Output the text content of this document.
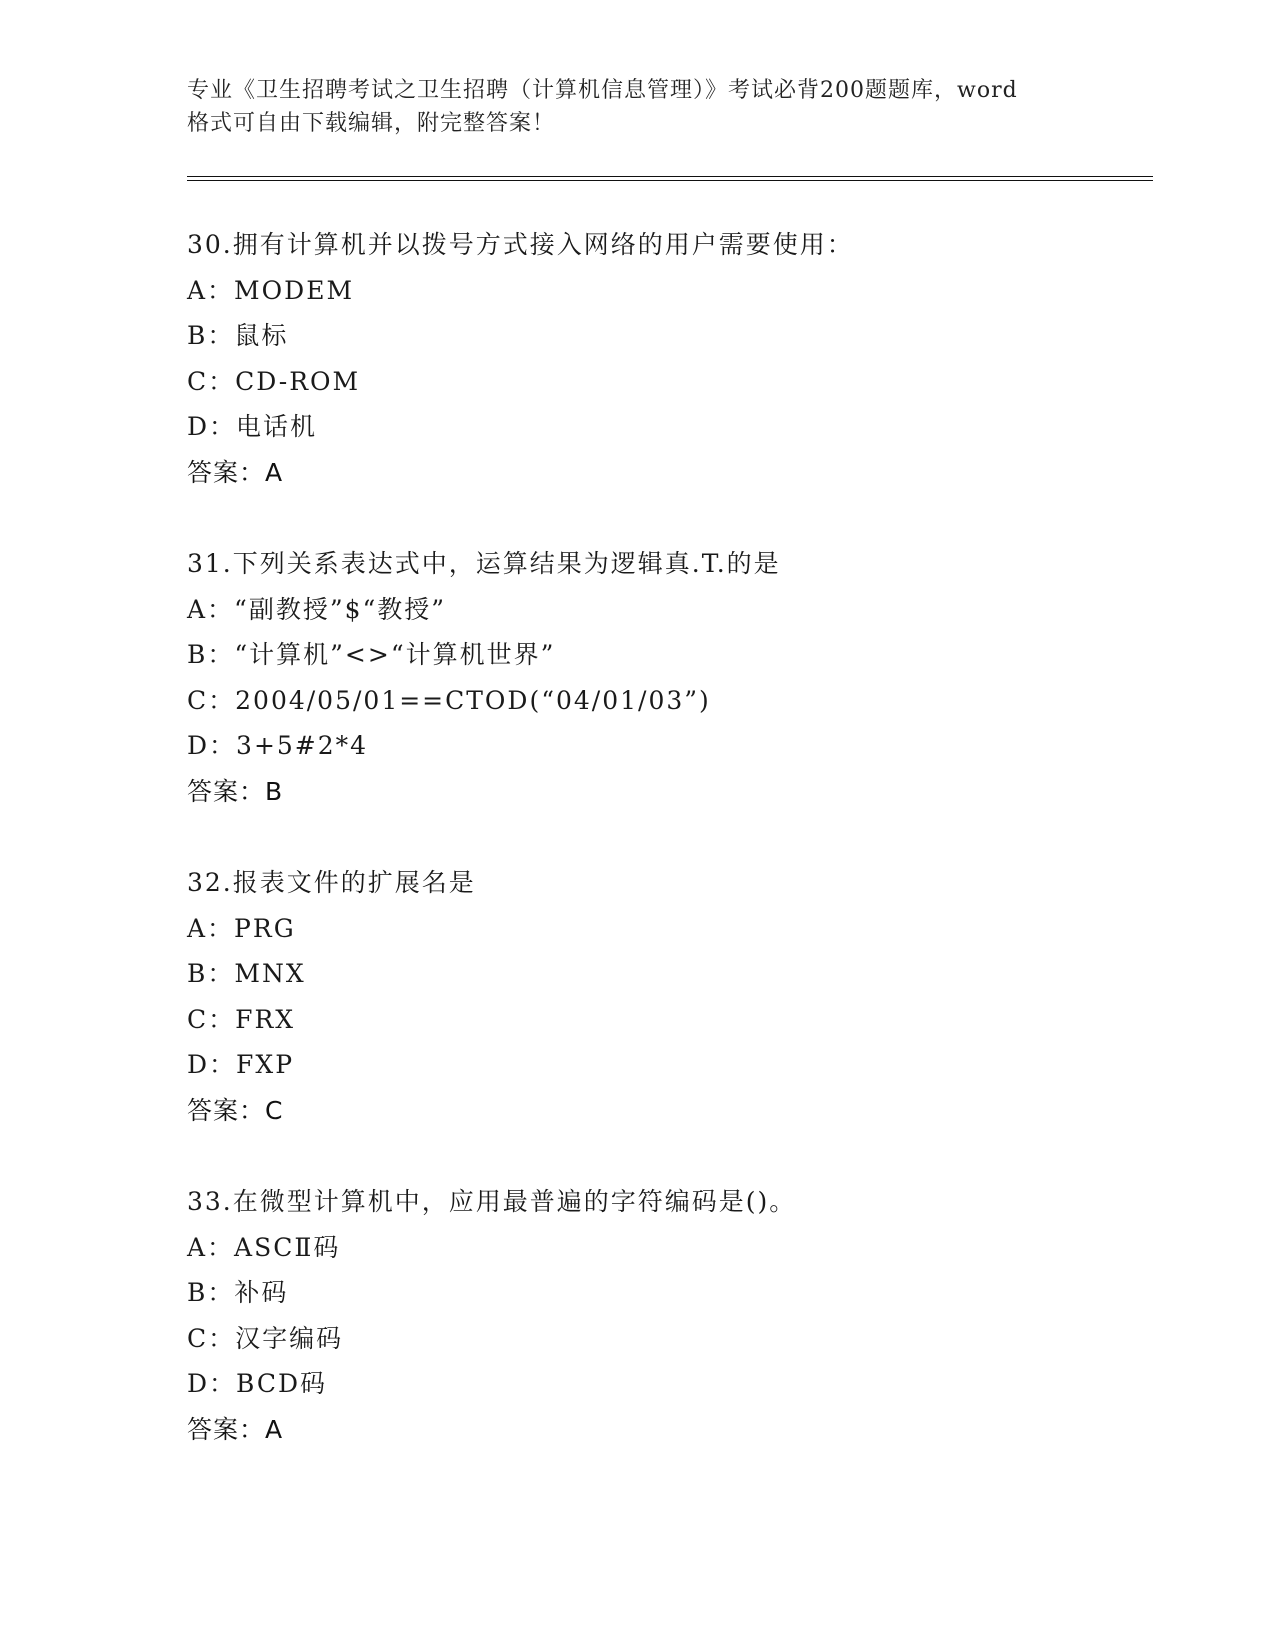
专业《卫生招聘考试之卫生招聘（计算机信息管理）》考试必背200题题库，word
格式可自由下载编辑，附完整答案！
30.拥有计算机并以拨号方式接入网络的用户需要使用：
A：MODEM
B：鼠标
C：CD-ROM
D：电话机
答案：A
31.下列关系表达式中，运算结果为逻辑真.T.的是
A：“副教授”$“教授”
B：“计算机”<>“计算机世界”
C：2004/05/01==CTOD(“04/01/03”)
D：3+5#2*4
答案：B
32.报表文件的扩展名是
A：PRG
B：MNX
C：FRX
D：FXP
答案：C
33.在微型计算机中，应用最普遍的字符编码是()。
A：ASCⅡ码
B：补码
C：汉字编码
D：BCD码
答案：A
